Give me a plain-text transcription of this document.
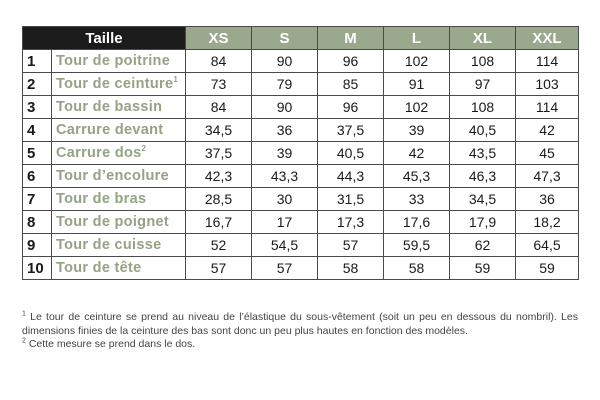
Taille		XS	S	M	L	XL	XXL
1	Tour de poitrine	84	90	96	102	108	114
2	Tour de ceinture$^1$	73	79	85	91	97	103
3	Tour de bassin	84	90	96	102	108	114
4	Carrure devant	34,5	36	37,5	39	40,5	42
5	Carrure dos$^2$	37,5	39	40,5	42	43,5	45
6	Tour d’encolure	42,3	43,3	44,3	45,3	46,3	47,3
7	Tour de bras	28,5	30	31,5	33	34,5	36
8	Tour de poignet	16,7	17	17,3	17,6	17,9	18,2
9	Tour de cuisse	52	54,5	57	59,5	62	64,5
10	Tour de tête	57	57	58	58	59	59

$^1$ Le tour de ceinture se prend au niveau de l’élastique du sous-vêtement (soit un peu en dessous du nombril). Les dimensions finies de la ceinture des bas sont donc un peu plus hautes en fonction des modèles.

$^2$ Cette mesure se prend dans le dos.
